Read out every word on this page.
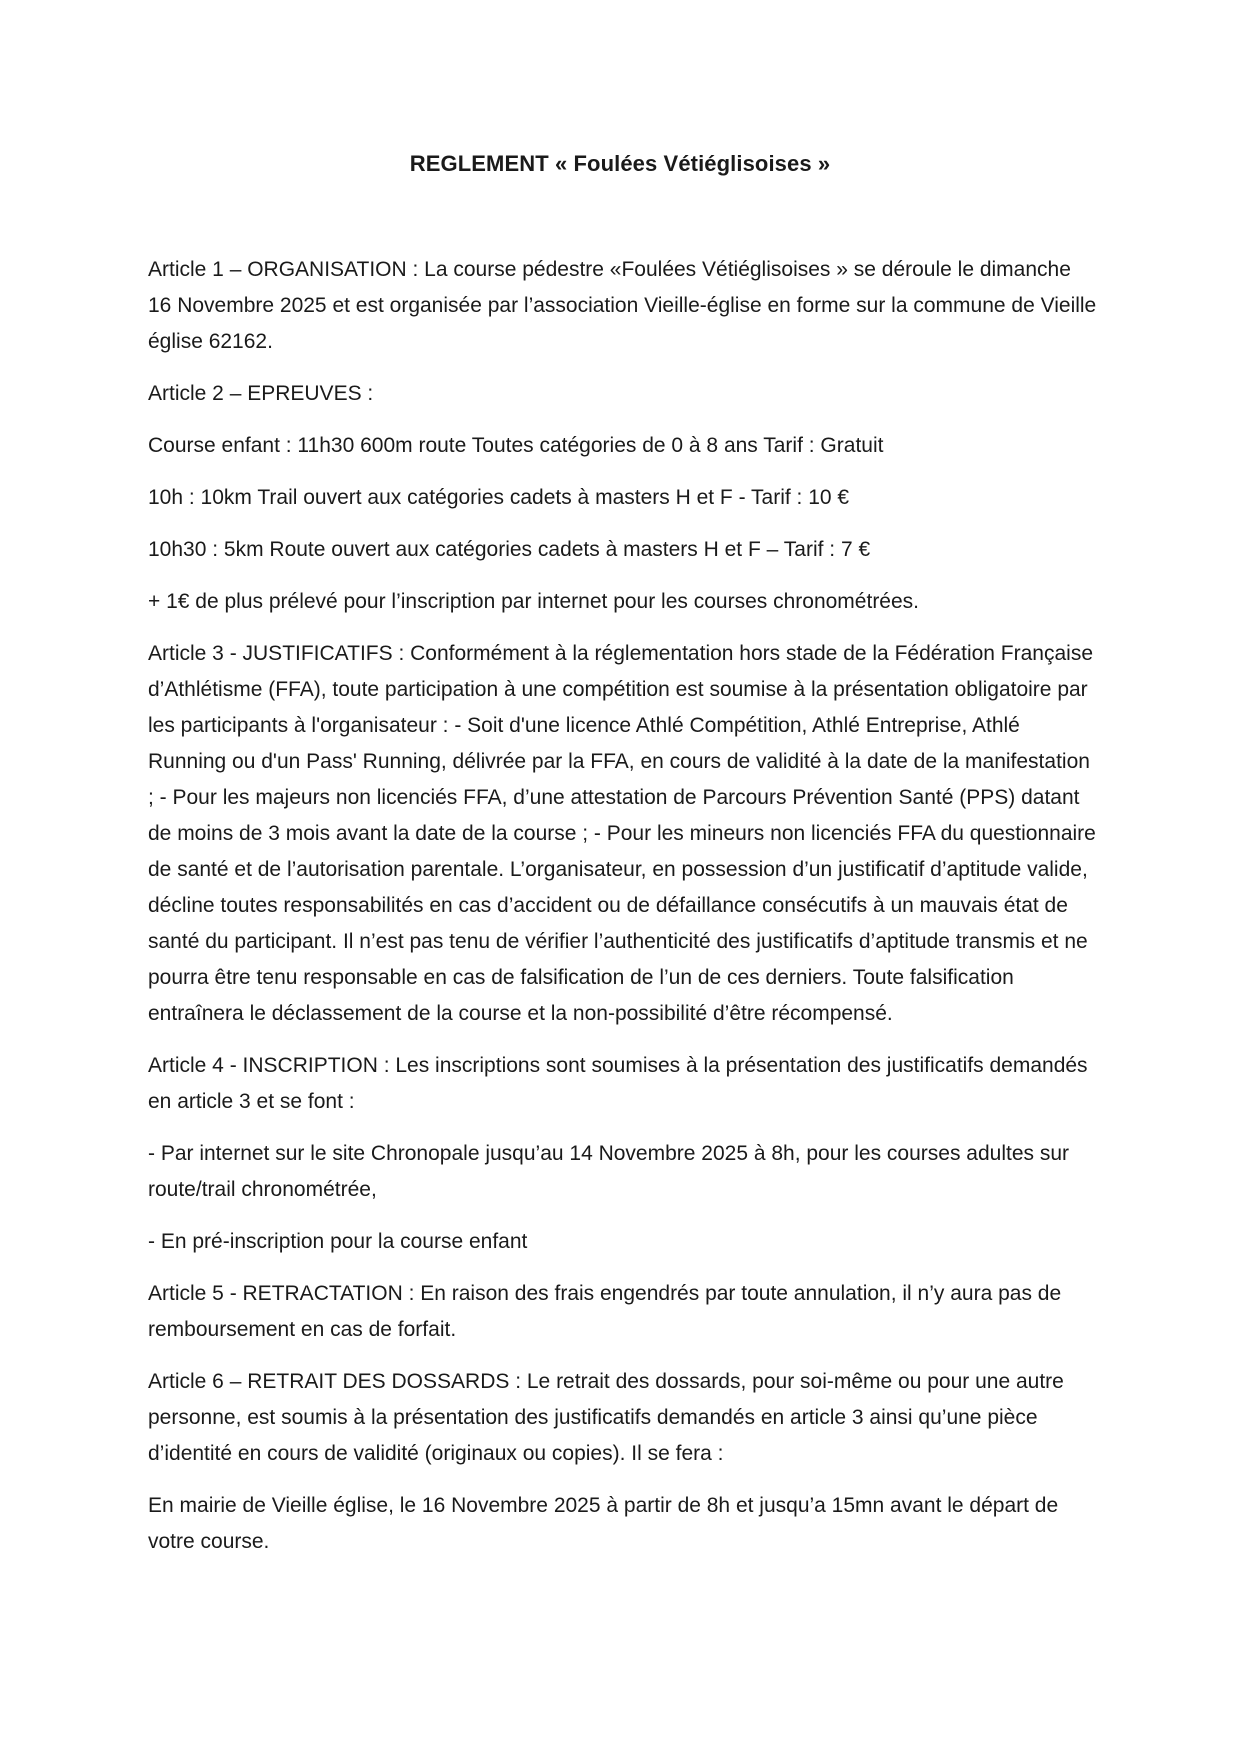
REGLEMENT « Foulées Vétiéglisoises »

Article 1 – ORGANISATION : La course pédestre «Foulées Vétiéglisoises » se déroule le dimanche 16 Novembre 2025 et est organisée par l’association Vieille-église en forme sur la commune de Vieille église 62162.

Article 2 – EPREUVES :

Course enfant : 11h30 600m route Toutes catégories de 0 à 8 ans Tarif : Gratuit

10h : 10km Trail ouvert aux catégories cadets à masters H et F - Tarif : 10 €

10h30 : 5km Route ouvert aux catégories cadets à masters H et F – Tarif : 7 €

+ 1€ de plus prélevé pour l’inscription par internet pour les courses chronométrées.

Article 3 - JUSTIFICATIFS : Conformément à la réglementation hors stade de la Fédération Française d’Athlétisme (FFA), toute participation à une compétition est soumise à la présentation obligatoire par les participants à l'organisateur : - Soit d'une licence Athlé Compétition, Athlé Entreprise, Athlé Running ou d'un Pass' Running, délivrée par la FFA, en cours de validité à la date de la manifestation ; - Pour les majeurs non licenciés FFA, d’une attestation de Parcours Prévention Santé (PPS) datant de moins de 3 mois avant la date de la course ; - Pour les mineurs non licenciés FFA du questionnaire de santé et de l’autorisation parentale. L’organisateur, en possession d’un justificatif d’aptitude valide, décline toutes responsabilités en cas d’accident ou de défaillance consécutifs à un mauvais état de santé du participant. Il n’est pas tenu de vérifier l’authenticité des justificatifs d’aptitude transmis et ne pourra être tenu responsable en cas de falsification de l’un de ces derniers. Toute falsification entraînera le déclassement de la course et la non-possibilité d’être récompensé.

Article 4 - INSCRIPTION : Les inscriptions sont soumises à la présentation des justificatifs demandés en article 3 et se font :

- Par internet sur le site Chronopale jusqu’au 14 Novembre 2025 à 8h, pour les courses adultes sur route/trail chronométrée,

- En pré-inscription pour la course enfant

Article 5 - RETRACTATION : En raison des frais engendrés par toute annulation, il n’y aura pas de remboursement en cas de forfait.

Article 6 – RETRAIT DES DOSSARDS : Le retrait des dossards, pour soi-même ou pour une autre personne, est soumis à la présentation des justificatifs demandés en article 3 ainsi qu’une pièce d’identité en cours de validité (originaux ou copies). Il se fera :

En mairie de Vieille église, le 16 Novembre 2025 à partir de 8h et jusqu’a 15mn avant le départ de votre course.
